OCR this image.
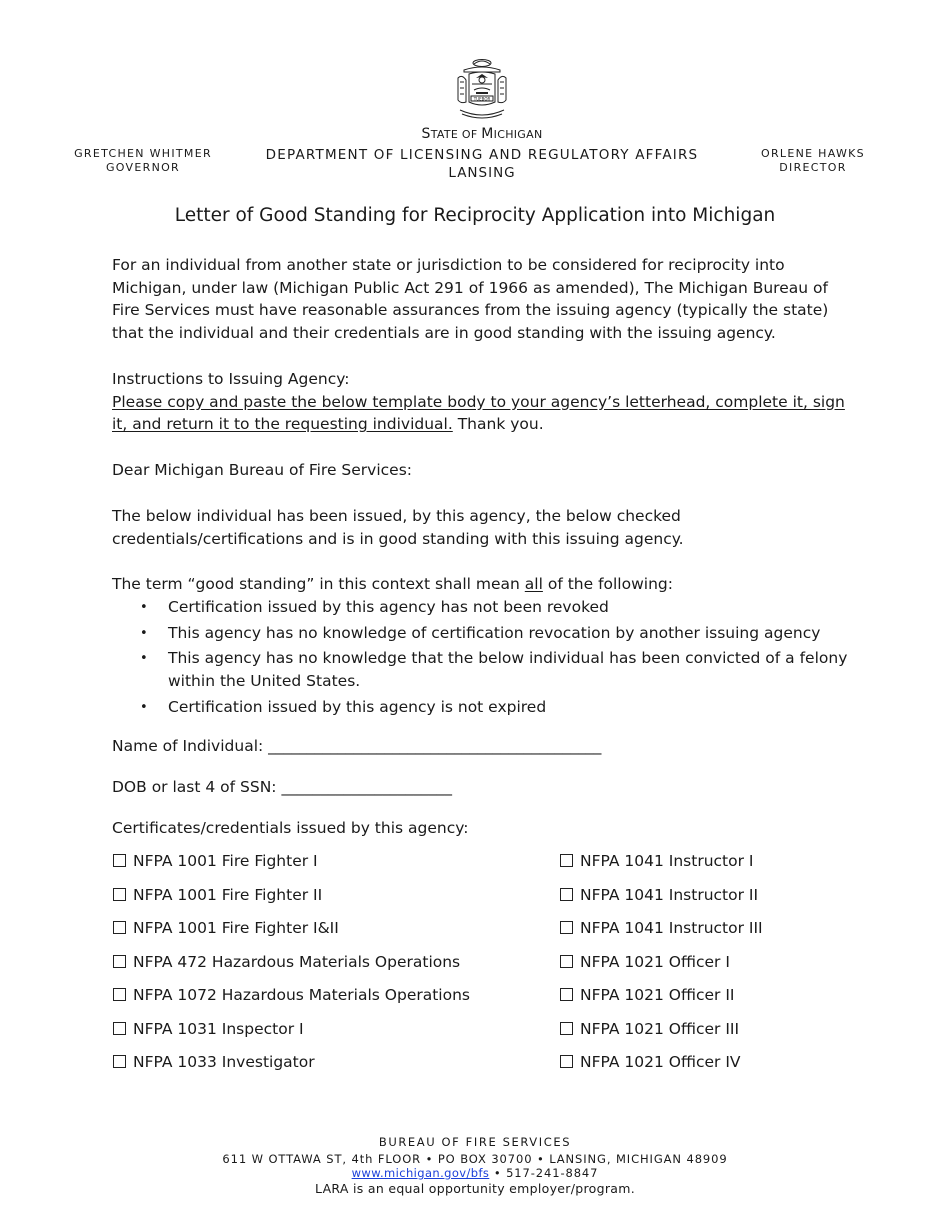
TUEBOR
STATE OF MICHIGAN
DEPARTMENT OF LICENSING AND REGULATORY AFFAIRS
LANSING
GRETCHEN WHITMER
GOVERNOR
ORLENE HAWKS
DIRECTOR
Letter of Good Standing for Reciprocity Application into Michigan
For an individual from another state or jurisdiction to be considered for reciprocity into Michigan, under law (Michigan Public Act 291 of 1966 as amended), The Michigan Bureau of Fire Services must have reasonable assurances from the issuing agency (typically the state) that the individual and their credentials are in good standing with the issuing agency.
Instructions to Issuing Agency:
Please copy and paste the below template body to your agency’s letterhead, complete it, sign it, and return it to the requesting individual. Thank you.
Dear Michigan Bureau of Fire Services:
The below individual has been issued, by this agency, the below checked credentials/certifications and is in good standing with this issuing agency.
The term “good standing” in this context shall mean all of the following:
• Certification issued by this agency has not been revoked
• This agency has no knowledge of certification revocation by another issuing agency
• This agency has no knowledge that the below individual has been convicted of a felony within the United States.
• Certification issued by this agency is not expired
Name of Individual: ___________________________________________
DOB or last 4 of SSN: ______________________
Certificates/credentials issued by this agency:
NFPA 1001 Fire Fighter I
NFPA 1001 Fire Fighter II
NFPA 1001 Fire Fighter I&II
NFPA 472 Hazardous Materials Operations
NFPA 1072 Hazardous Materials Operations
NFPA 1031 Inspector I
NFPA 1033 Investigator
NFPA 1041 Instructor I
NFPA 1041 Instructor II
NFPA 1041 Instructor III
NFPA 1021 Officer I
NFPA 1021 Officer II
NFPA 1021 Officer III
NFPA 1021 Officer IV
BUREAU OF FIRE SERVICES
611 W OTTAWA ST, 4th FLOOR • PO BOX 30700 • LANSING, MICHIGAN 48909
www.michigan.gov/bfs • 517-241-8847
LARA is an equal opportunity employer/program.
